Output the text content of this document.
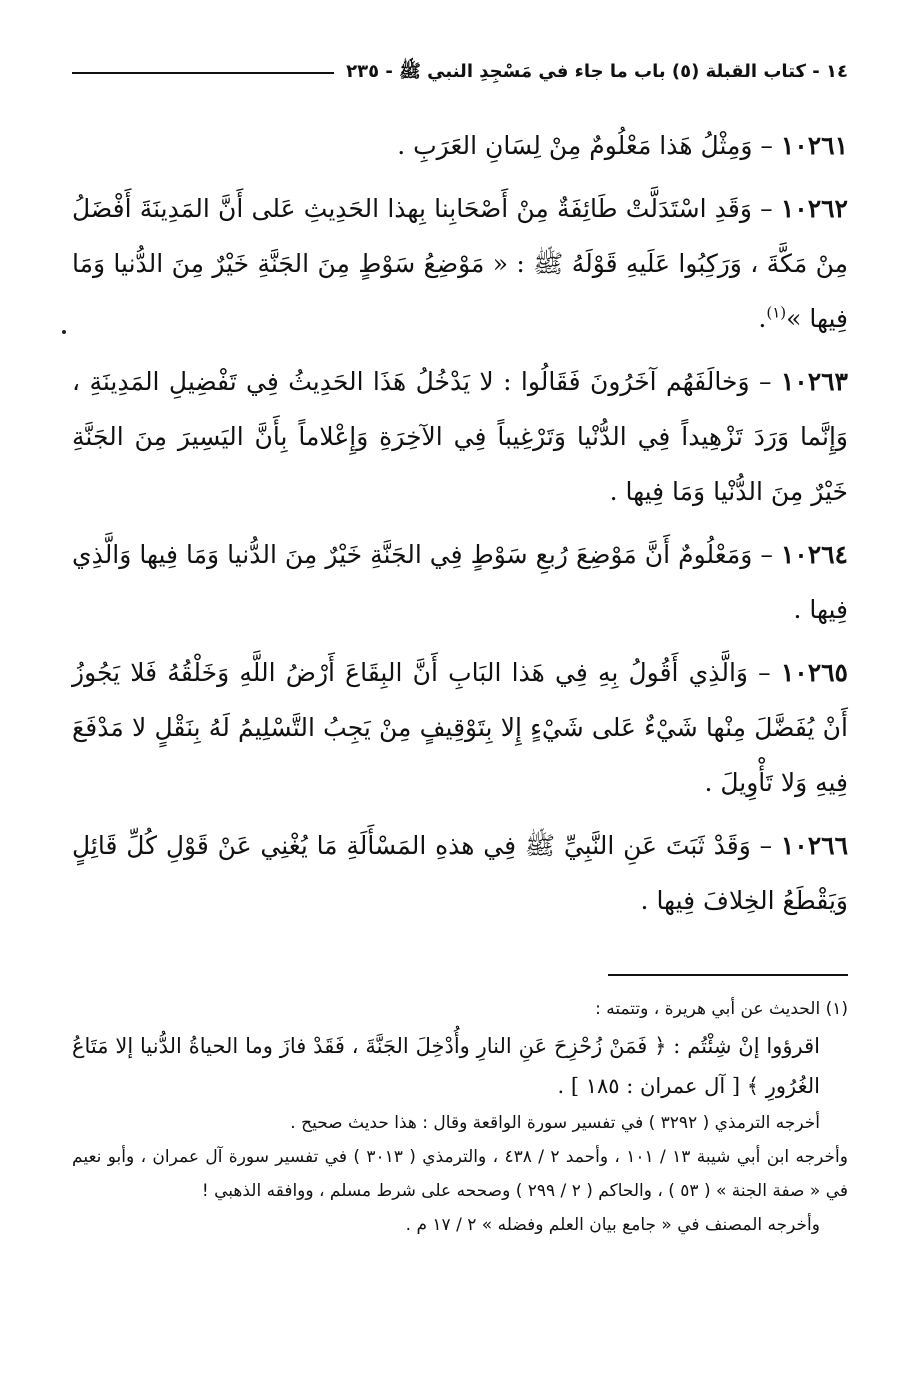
١٤ - كتاب القبلة (٥) باب ما جاء في مَسْجِدِ النبي ﷺ - ٢٣٥

١٠٢٦١ – وَمِثْلُ هَذا مَعْلُومٌ مِنْ لِسَانِ العَرَبِ .

١٠٢٦٢ – وَقَدِ اسْتَدَلَّتْ طَائِفَةٌ مِنْ أَصْحَابِنا بِهذا الحَدِيثِ عَلى أَنَّ المَدِينَةَ أَفْضَلُ مِنْ مَكَّةَ ، وَرَكِبُوا عَلَيهِ قَوْلَهُ ﷺ : « مَوْضِعُ سَوْطٍ مِنَ الجَنَّةِ خَيْرٌ مِنَ الدُّنيا وَمَا فِيها »$^{(١)}$.

١٠٢٦٣ – وَخالَفَهُم آخَرُونَ فَقَالُوا : لا يَدْخُلُ هَذَا الحَدِيثُ فِي تَفْضِيلِ المَدِينَةِ ، وَإِنَّما وَرَدَ تَزْهِيداً فِي الدُّنْيا وَتَرْغِيباً فِي الآخِرَةِ وَإِعْلاماً بِأَنَّ اليَسِيرَ مِنَ الجَنَّةِ خَيْرٌ مِنَ الدُّنْيا وَمَا فِيها .

١٠٢٦٤ – وَمَعْلُومٌ أَنَّ مَوْضِعَ رُبعِ سَوْطٍ فِي الجَنَّةِ خَيْرٌ مِنَ الدُّنيا وَمَا فِيها وَالَّذِي فِيها .

١٠٢٦٥ – وَالَّذِي أَقُولُ بِهِ فِي هَذا البَابِ أَنَّ البِقَاعَ أَرْضُ اللَّهِ وَخَلْقُهُ فَلا يَجُوزُ أَنْ يُفَضَّلَ مِنْها شَيْءٌ عَلى شَيْءٍ إِلا بِتَوْقِيفٍ مِنْ يَجِبُ التَّسْلِيمُ لَهُ بِنَقْلٍ لا مَدْفَعَ فِيهِ وَلا تَأْوِيلَ .

١٠٢٦٦ – وَقَدْ ثَبَتَ عَنِ النَّبِيِّ ﷺ فِي هذهِ المَسْأَلَةِ مَا يُغْنِي عَنْ قَوْلِ كُلِّ قَائِلٍ وَيَقْطَعُ الخِلافَ فِيها .

(١) الحديث عن أبي هريرة ، وتتمته :

اقرؤوا إنْ شِئْتُم : ﴿ فَمَنْ زُحْزِحَ عَنِ النارِ وأُدْخِلَ الجَنَّةَ ، فَقَدْ فازَ وما الحياةُ الدُّنيا إلا مَتَاعُ الغُرُورِ ﴾ [ آل عمران : ١٨٥ ] .

أخرجه الترمذي ( ٣٢٩٢ ) في تفسير سورة الواقعة وقال : هذا حديث صحيح .

وأخرجه ابن أبي شيبة ١٣ / ١٠١ ، وأحمد ٢ / ٤٣٨ ، والترمذي ( ٣٠١٣ ) في تفسير سورة آل عمران ، وأبو نعيم في « صفة الجنة » ( ٥٣ ) ، والحاكم ( ٢ / ٢٩٩ ) وصححه على شرط مسلم ، ووافقه الذهبي !

وأخرجه المصنف في « جامع بيان العلم وفضله » ٢ / ١٧ م .
